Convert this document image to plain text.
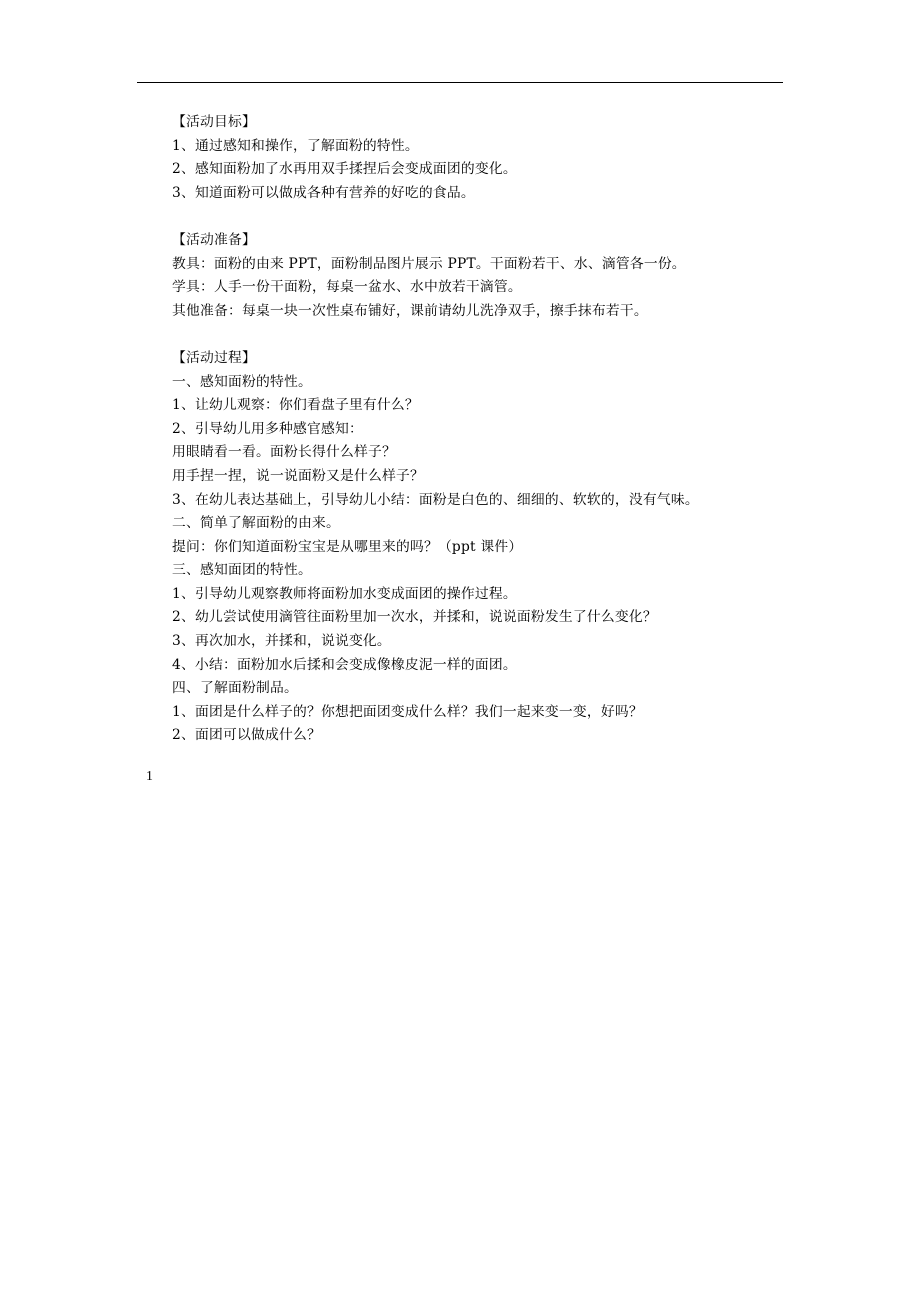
【活动目标】
1、通过感知和操作，了解面粉的特性。
2、感知面粉加了水再用双手揉捏后会变成面团的变化。
3、知道面粉可以做成各种有营养的好吃的食品。
【活动准备】
教具：面粉的由来 PPT，面粉制品图片展示 PPT。干面粉若干、水、滴管各一份。
学具：人手一份干面粉，每桌一盆水、水中放若干滴管。
其他准备：每桌一块一次性桌布铺好，课前请幼儿洗净双手，擦手抹布若干。
【活动过程】
一、感知面粉的特性。
1、让幼儿观察：你们看盘子里有什么？
2、引导幼儿用多种感官感知：
用眼睛看一看。面粉长得什么样子？
用手捏一捏，说一说面粉又是什么样子？
3、在幼儿表达基础上，引导幼儿小结：面粉是白色的、细细的、软软的，没有气味。
二、简单了解面粉的由来。
提问：你们知道面粉宝宝是从哪里来的吗？（ppt 课件）
三、感知面团的特性。
1、引导幼儿观察教师将面粉加水变成面团的操作过程。
2、幼儿尝试使用滴管往面粉里加一次水，并揉和，说说面粉发生了什么变化？
3、再次加水，并揉和，说说变化。
4、小结：面粉加水后揉和会变成像橡皮泥一样的面团。
四、了解面粉制品。
1、面团是什么样子的？你想把面团变成什么样？我们一起来变一变，好吗？
2、面团可以做成什么？
1
